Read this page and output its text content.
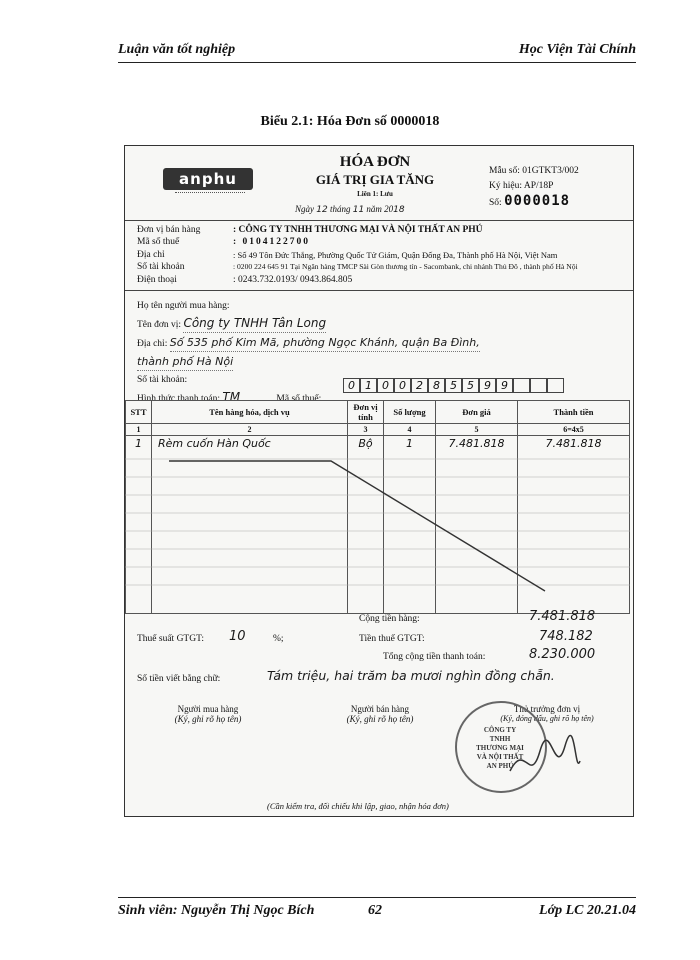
Luận văn tốt nghiệp	Học Viện Tài Chính
Biểu 2.1: Hóa Đơn số 0000018
anphu
HÓA ĐƠN
GIÁ TRỊ GIA TĂNG
Liên 1: Lưu
Ngày 12 tháng 11 năm 2018
Mẫu số: 01GTKT3/002
Ký hiệu: AP/18P
Số: 0000018
Đơn vị bán hàng	: CÔNG TY TNHH THƯƠNG MẠI VÀ NỘI THẤT AN PHÚ
Mã số thuế	: 0104122700
Địa chỉ	: Số 49 Tôn Đức Thắng, Phường Quốc Tử Giám, Quận Đống Đa, Thành phố Hà Nội, Việt Nam
Số tài khoản	: 0200 224 645 91 Tại Ngân hàng TMCP Sài Gòn thương tín - Sacombank, chi nhánh Thủ Đô , thành phố Hà Nội
Điện thoại	: 0243.732.0193/ 0943.864.805
Họ tên người mua hàng:
Tên đơn vị: Công ty TNHH Tân Long
Địa chỉ: Số 535 phố Kim Mã, phường Ngọc Khánh, quận Ba Đình,
thành phố Hà Nội
Số tài khoản:
Hình thức thanh toán: TM	Mã số thuế:
0 1 0 0 2 8 5 5 9 9
STT	Tên hàng hóa, dịch vụ	Đơn vị tính	Số lượng	Đơn giá	Thành tiền
1	2	3	4	5	6=4x5
1	Rèm cuốn Hàn Quốc	Bộ	1	7.481.818	7.481.818
Cộng tiền hàng:	7.481.818
Thuế suất GTGT: 10	%;	Tiền thuế GTGT:	748.182
Tổng cộng tiền thanh toán:	8.230.000
Số tiền viết bằng chữ:	Tám triệu, hai trăm ba mươi nghìn đồng chẵn.
Người mua hàng
(Ký, ghi rõ họ tên)
Người bán hàng
(Ký, ghi rõ họ tên)
Thủ trưởng đơn vị
(Ký, đóng dấu, ghi rõ họ tên)
CÔNG TY TNHH THƯƠNG MẠI VÀ NỘI THẤT AN PHÚ
(Cần kiểm tra, đối chiếu khi lập, giao, nhận hóa đơn)
Sinh viên: Nguyễn Thị Ngọc Bích	62	Lớp LC 20.21.04
